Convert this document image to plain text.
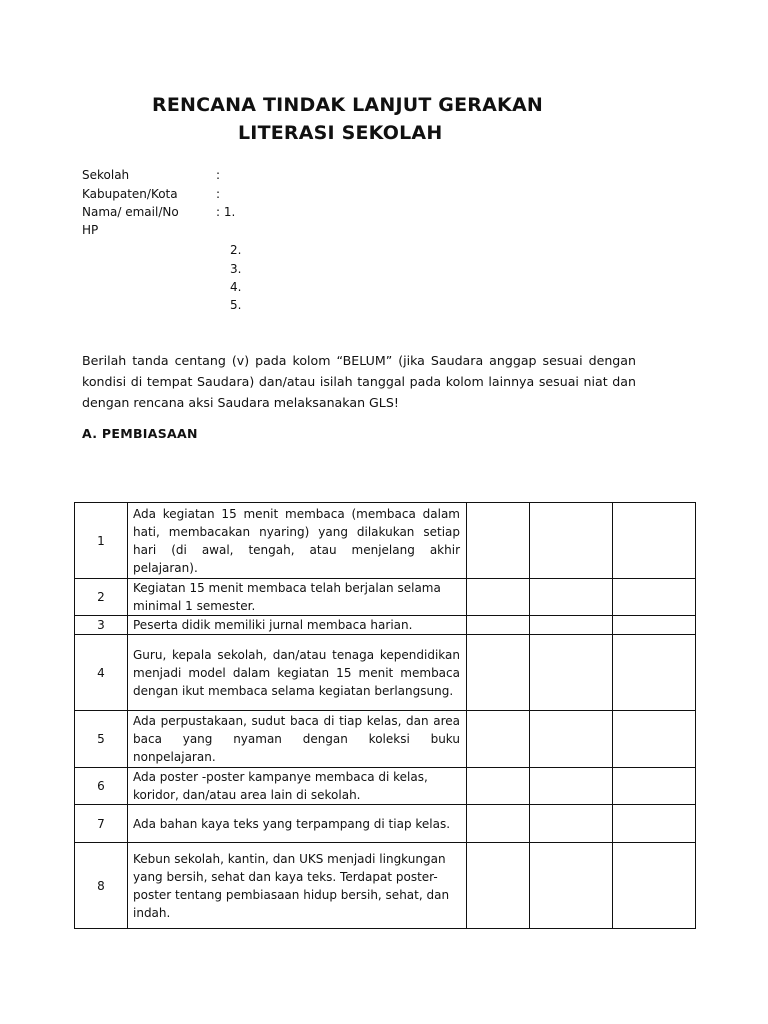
RENCANA TINDAK LANJUT GERAKAN
LITERASI SEKOLAH
Sekolah	:
Kabupaten/Kota	:
Nama/ email/No	: 1.
HP
2.
3.
4.
5.
Berilah tanda centang (v) pada kolom “BELUM” (jika Saudara anggap sesuai dengan kondisi di tempat Saudara) dan/atau isilah tanggal pada kolom lainnya sesuai niat dan dengan rencana aksi Saudara melaksanakan GLS!
A. PEMBIASAAN
1	Ada kegiatan 15 menit membaca (membaca dalam hati, membacakan nyaring) yang dilakukan setiap hari (di awal, tengah, atau menjelang akhir pelajaran).			
2	Kegiatan 15 menit membaca telah berjalan selama minimal 1 semester.			
3	Peserta didik memiliki jurnal membaca harian.			
4	Guru, kepala sekolah, dan/atau tenaga kependidikan menjadi model dalam kegiatan 15 menit membaca dengan ikut membaca selama kegiatan berlangsung.			
5	Ada perpustakaan, sudut baca di tiap kelas, dan area baca yang nyaman dengan koleksi buku nonpelajaran.			
6	Ada poster -poster kampanye membaca di kelas, koridor, dan/atau area lain di sekolah.			
7	Ada bahan kaya teks yang terpampang di tiap kelas.			
8	Kebun sekolah, kantin, dan UKS menjadi lingkungan yang bersih, sehat dan kaya teks. Terdapat poster-poster tentang pembiasaan hidup bersih, sehat, dan indah.			
